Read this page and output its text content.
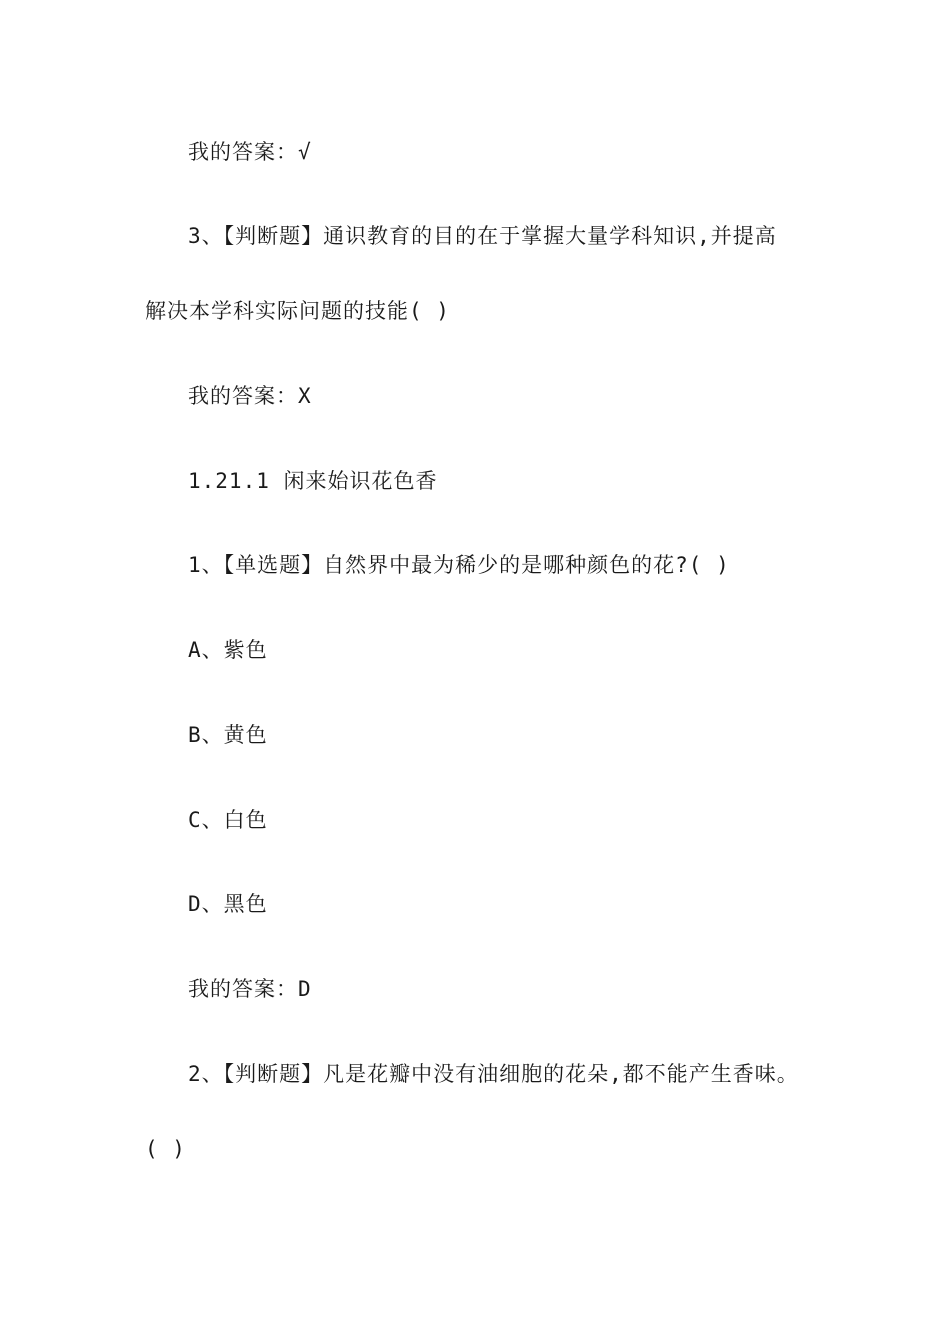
我的答案：√

3、【判断题】通识教育的目的在于掌握大量学科知识,并提高

解决本学科实际问题的技能( )

我的答案：X

1.21.1 闲来始识花色香

1、【单选题】自然界中最为稀少的是哪种颜色的花?( )

A、紫色

B、黄色

C、白色

D、黑色

我的答案：D

2、【判断题】凡是花瓣中没有油细胞的花朵,都不能产生香味。

( )
